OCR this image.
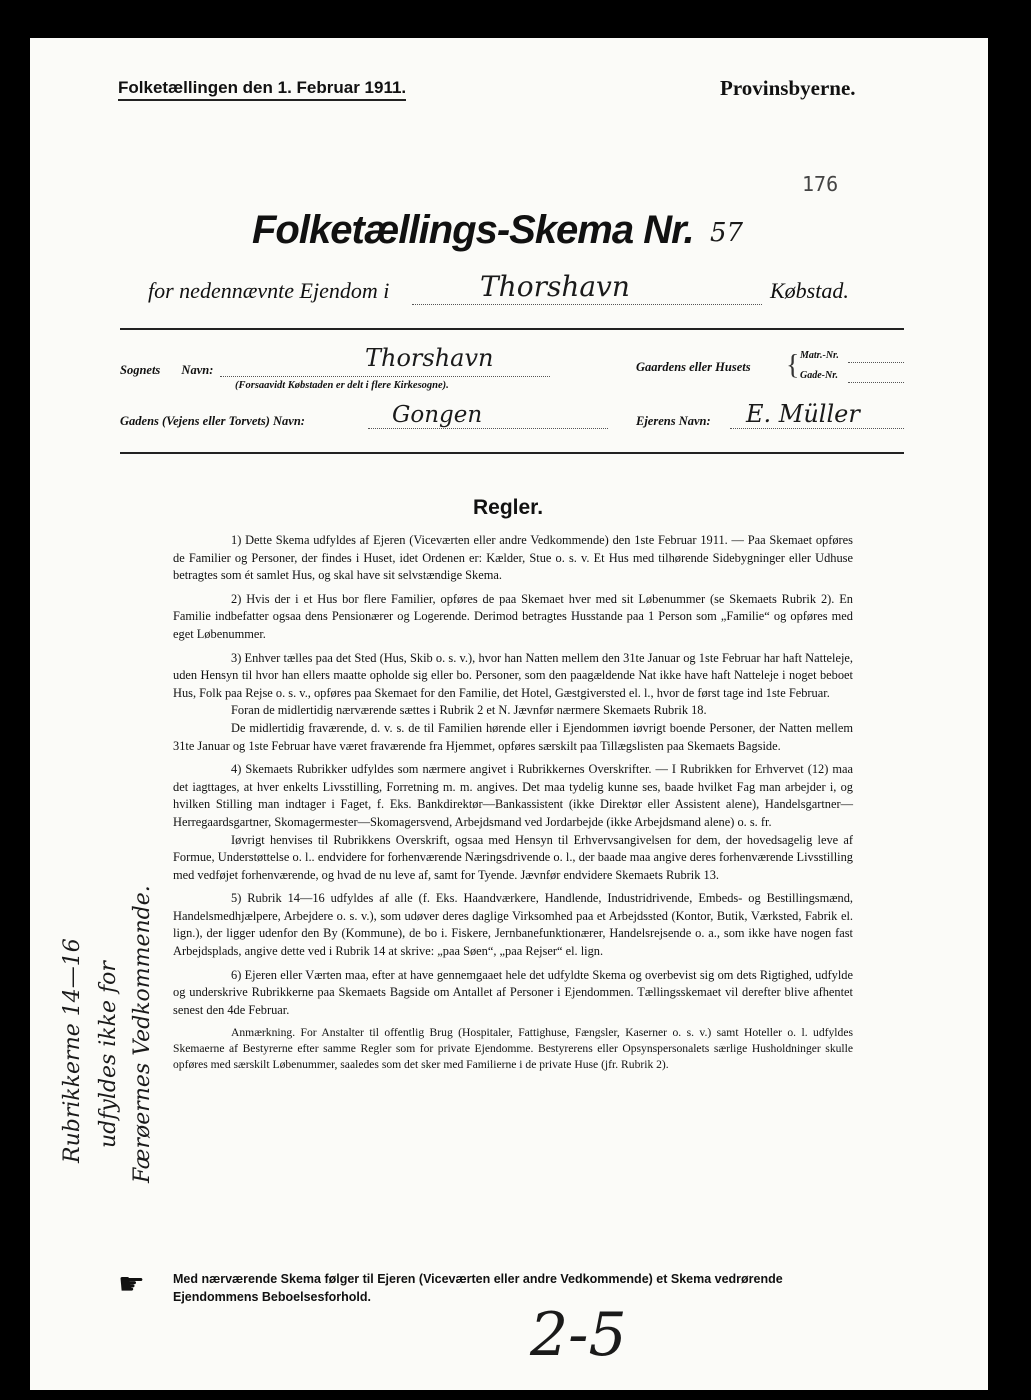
Folketællingen den 1. Februar 1911.	Provinsbyerne.
176
Folketællings-Skema Nr. 57
for nedennævnte Ejendom i	Thorshavn	Købstad.
Sognets Navn:	Thorshavn
(Forsaavidt Købstaden er delt i flere Kirkesogne).
Gaardens eller Husets { Matr.-Nr.
Gade-Nr.
Gadens (Vejens eller Torvets) Navn:	Gongen	Ejerens Navn: E. Müller
Regler.
1) Dette Skema udfyldes af Ejeren (Viceværten eller andre Vedkommende) den 1ste Februar 1911. — Paa Skemaet opføres de Familier og Personer, der findes i Huset, idet Ordenen er: Kælder, Stue o. s. v. Et Hus med tilhørende Sidebygninger eller Udhuse betragtes som ét samlet Hus, og skal have sit selvstændige Skema.
2) Hvis der i et Hus bor flere Familier, opføres de paa Skemaet hver med sit Løbenummer (se Skemaets Rubrik 2). En Familie indbefatter ogsaa dens Pensionærer og Logerende. Derimod betragtes Husstande paa 1 Person som „Familie“ og opføres med eget Løbenummer.
3) Enhver tælles paa det Sted (Hus, Skib o. s. v.), hvor han Natten mellem den 31te Januar og 1ste Februar har haft Natteleje, uden Hensyn til hvor han ellers maatte opholde sig eller bo. Personer, som den paagældende Nat ikke have haft Natteleje i noget beboet Hus, Folk paa Rejse o. s. v., opføres paa Skemaet for den Familie, det Hotel, Gæstgiversted el. l., hvor de først tage ind 1ste Februar.
Foran de midlertidig nærværende sættes i Rubrik 2 et N. Jævnfør nærmere Skemaets Rubrik 18.
De midlertidig fraværende, d. v. s. de til Familien hørende eller i Ejendommen iøvrigt boende Personer, der Natten mellem 31te Januar og 1ste Februar have været fraværende fra Hjemmet, opføres særskilt paa Tillægslisten paa Skemaets Bagside.
4) Skemaets Rubrikker udfyldes som nærmere angivet i Rubrikkernes Overskrifter. — I Rubrikken for Erhvervet (12) maa det iagttages, at hver enkelts Livsstilling, Forretning m. m. angives. Det maa tydelig kunne ses, baade hvilket Fag man arbejder i, og hvilken Stilling man indtager i Faget, f. Eks. Bankdirektør—Bankassistent (ikke Direktør eller Assistent alene), Handelsgartner—Herregaardsgartner, Skomagermester—Skomagersvend, Arbejdsmand ved Jordarbejde (ikke Arbejdsmand alene) o. s. fr.
Iøvrigt henvises til Rubrikkens Overskrift, ogsaa med Hensyn til Erhvervsangivelsen for dem, der hovedsagelig leve af Formue, Understøttelse o. l.. endvidere for forhenværende Næringsdrivende o. l., der baade maa angive deres forhenværende Livsstilling med vedføjet forhenværende, og hvad de nu leve af, samt for Tyende. Jævnfør endvidere Skemaets Rubrik 13.
5) Rubrik 14—16 udfyldes af alle (f. Eks. Haandværkere, Handlende, Industridrivende, Embeds- og Bestillingsmænd, Handelsmedhjælpere, Arbejdere o. s. v.), som udøver deres daglige Virksomhed paa et Arbejdssted (Kontor, Butik, Værksted, Fabrik el. lign.), der ligger udenfor den By (Kommune), de bo i. Fiskere, Jernbanefunktionærer, Handelsrejsende o. a., som ikke have nogen fast Arbejdsplads, angive dette ved i Rubrik 14 at skrive: „paa Søen“, „paa Rejser“ el. lign.
6) Ejeren eller Værten maa, efter at have gennemgaaet hele det udfyldte Skema og overbevist sig om dets Rigtighed, udfylde og underskrive Rubrikkerne paa Skemaets Bagside om Antallet af Personer i Ejendommen. Tællingsskemaet vil derefter blive afhentet senest den 4de Februar.
Anmærkning. For Anstalter til offentlig Brug (Hospitaler, Fattighuse, Fængsler, Kaserner o. s. v.) samt Hoteller o. l. udfyldes Skemaerne af Bestyrerne efter samme Regler som for private Ejendomme. Bestyrerens eller Opsynspersonalets særlige Husholdninger skulle opføres med særskilt Løbenummer, saaledes som det sker med Familierne i de private Huse (jfr. Rubrik 2).
Rubrikkerne 14—16 udfyldes ikke for Færøernes Vedkommende.
☛ Med nærværende Skema følger til Ejeren (Viceværten eller andre Vedkommende) et Skema vedrørende Ejendommens Beboelsesforhold.
2-5
